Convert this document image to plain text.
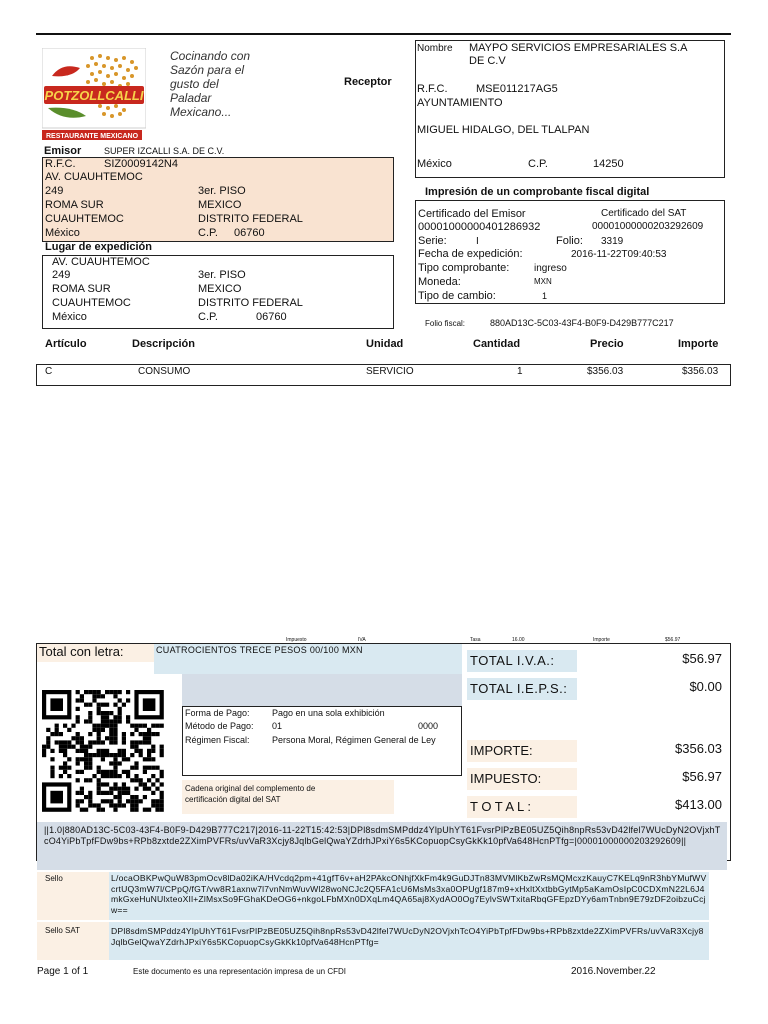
POTZOLLCALLI
RESTAURANTE MEXICANO
Cocinando con
Sazón para el
gusto del
Paladar
Mexicano...
Receptor
Nombre MAYPO SERVICIOS EMPRESARIALES S.A
DE C.V
R.F.C.	MSE011217AG5
AYUNTAMIENTO
MIGUEL HIDALGO, DEL TLALPAN
México	C.P.	14250
Emisor	SUPER IZCALLI S.A. DE C.V.
R.F.C.	SIZ0009142N4
AV. CUAUHTEMOC
249	3er. PISO
ROMA SUR	MEXICO
CUAUHTEMOC	DISTRITO FEDERAL
México	C.P. 06760
Lugar de expedición
AV. CUAUHTEMOC
249	3er. PISO
ROMA SUR	MEXICO
CUAUHTEMOC	DISTRITO FEDERAL
México	C.P.	06760
Impresión de un comprobante fiscal digital
Certificado del Emisor	Certificado del SAT
00001000000401286932	00001000000203292609
Serie:	I	Folio: 3319
Fecha de expedición:	2016-11-22T09:40:53
Tipo comprobante: ingreso
Moneda:	MXN
Tipo de cambio:	1
Folio fiscal:	880AD13C-5C03-43F4-B0F9-D429B777C217
Artículo	Descripción	Unidad	Cantidad	Precio	Importe
C	CONSUMO	SERVICIO	1	$356.03	$356.03
Impuesto	IVA	Tasa	16.00	Importe	$56.97
Total con letra:	CUATROCIENTOS TRECE PESOS 00/100 MXN
TOTAL I.V.A.:	$56.97
TOTAL I.E.P.S.:	$0.00
IMPORTE:	$356.03
IMPUESTO:	$56.97
T O T A L :	$413.00
Forma de Pago: Pago en una sola exhibición
Método de Pago: 01	0000
Régimen Fiscal: Persona Moral, Régimen General de Ley
Cadena original del complemento de
certificación digital del SAT
||1.0|880AD13C-5C03-43F4-B0F9-D429B777C217|2016-11-22T15:42:53|DPl8sdmSMPddz4YlpUhYT61FvsrPlPzBE05UZ5Qih8npRs53vD42lfel7WUcDyN2OVjxhTcO4YiPbTpfFDw9bs+RPb8zxtde2ZXimPVFRs/uvVaR3Xcjy8JqlbGelQwaYZdrhJPxiY6s5KCopuopCsyGkKk10pfVa648HcnPTfg=|00001000000203292609||
Sello	L/ocaOBKPwQuW83pmOcv8lDa02iKA/HVcdq2pm+41gfT6v+aH2PAkcONhjfXkFm4k9GuDJTn83MVMlKbZwRsMQMcxzKauyC7KELq9nR3hbYMufWVcrtUQ3mW7l/CPpQ/fGT/vw8R1axnw7l7vnNmWuvWl28woNCJc2Q5FA1cU6MsMs3xa0OPUgf187m9+xHxltXxtbbGytMp5aKamOsIpC0CDXmN22L6J4mkGxeHuNUlxteoXIl+ZlMsxSo9FGhaKDeOG6+nkgoLFbMXn0DXqLm4QA65aj8XydAO0Og7EylvSWTxitaRbqGFEpzDYy6amTnbn9E79zDF2oibzuCcjw==
Sello SAT	DPl8sdmSMPddz4YlpUhYT61FvsrPlPzBE05UZ5Qih8npRs53vD42lfel7WUcDyN2OVjxhTcO4YiPbTpfFDw9bs+RPb8zxtde2ZXimPVFRs/uvVaR3Xcjy8JqlbGelQwaYZdrhJPxiY6s5KCopuopCsyGkKk10pfVa648HcnPTfg=
Page 1 of 1	Este documento es una representación impresa de un CFDI	2016.November.22
